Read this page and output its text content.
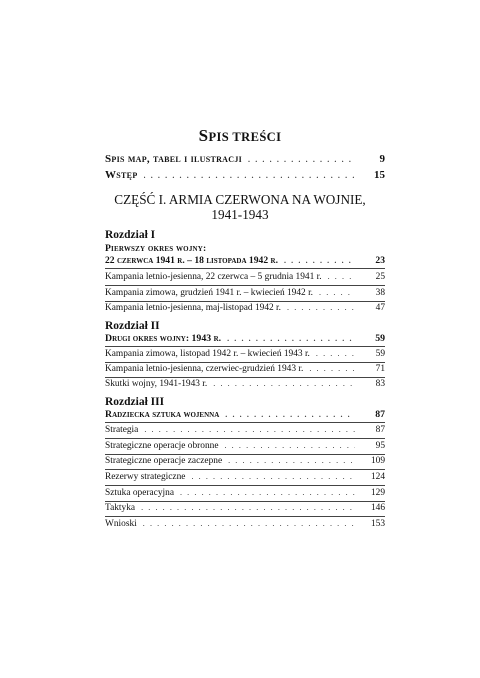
SPIS TREŚCI
Spis map, tabel i ilustracji . . .	9
Wstęp . . .	15
CZĘŚĆ I. ARMIA CZERWONA NA WOJNIE,
1941-1943
Rozdział I
Pierwszy okres wojny:
22 czerwca 1941 r. – 18 listopada 1942 r. . . .	23
Kampania letnio-jesienna, 22 czerwca – 5 grudnia 1941 r. . . .	25
Kampania zimowa, grudzień 1941 r. – kwiecień 1942 r. . . .	38
Kampania letnio-jesienna, maj-listopad 1942 r. . . .	47
Rozdział II
Drugi okres wojny: 1943 r. . . .	59
Kampania zimowa, listopad 1942 r. – kwiecień 1943 r. . . .	59
Kampania letnio-jesienna, czerwiec-grudzień 1943 r. . . .	71
Skutki wojny, 1941-1943 r. . . .	83
Rozdział III
Radziecka sztuka wojenna . . .	87
Strategia . . .	87
Strategiczne operacje obronne . . .	95
Strategiczne operacje zaczepne . . .	109
Rezerwy strategiczne . . .	124
Sztuka operacyjna . . .	129
Taktyka . . .	146
Wnioski . . .	153
